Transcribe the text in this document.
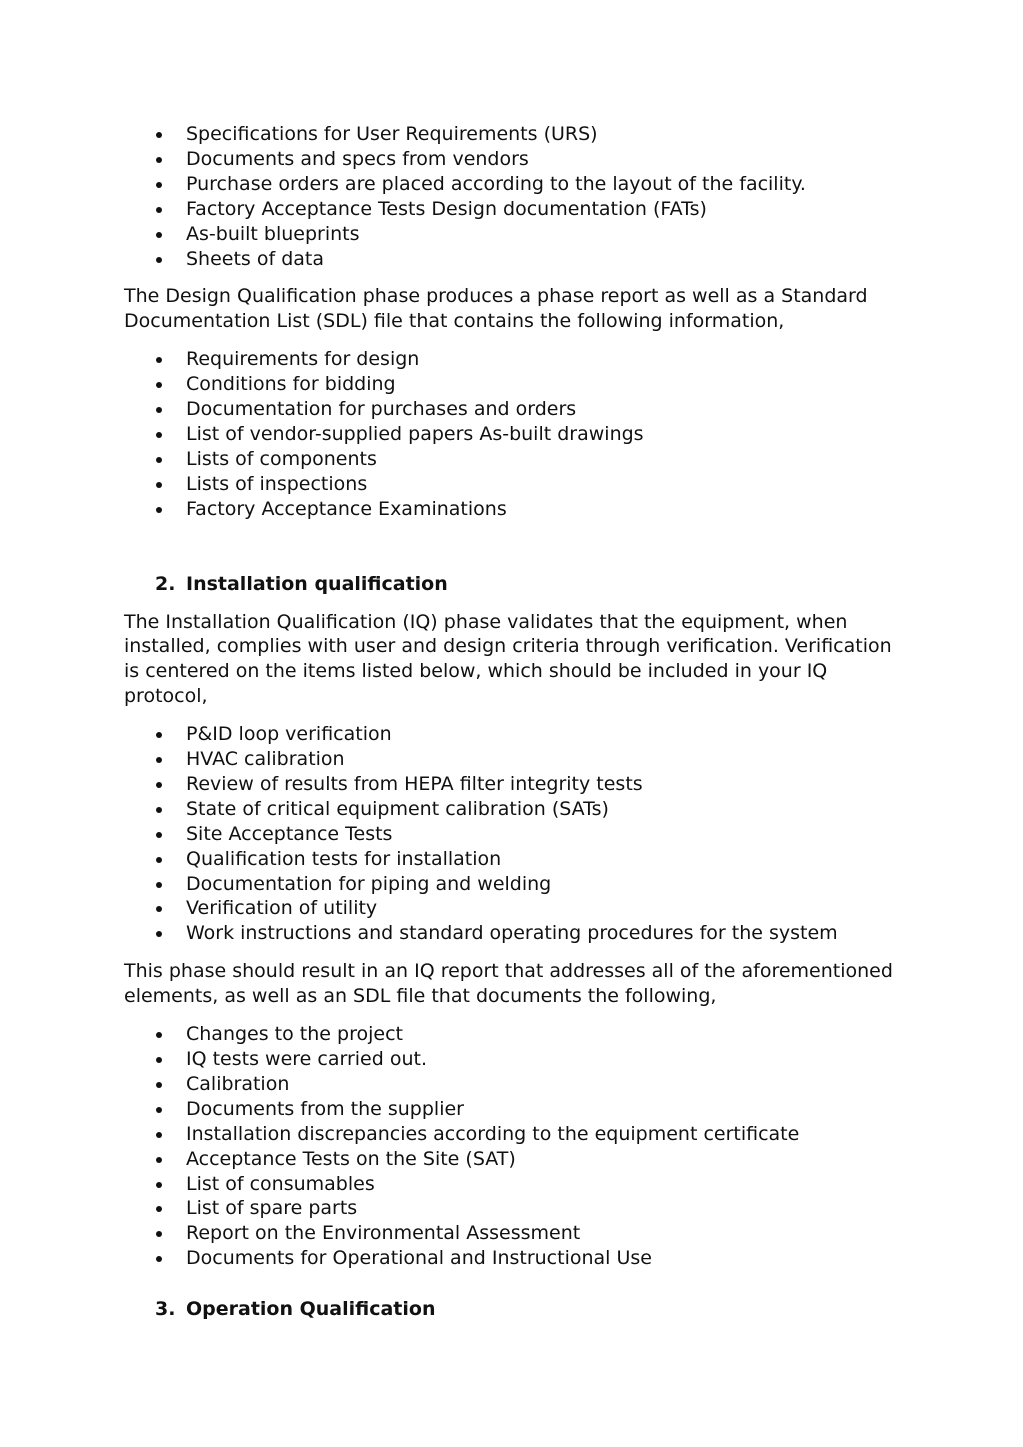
Specifications for User Requirements (URS)
Documents and specs from vendors
Purchase orders are placed according to the layout of the facility.
Factory Acceptance Tests Design documentation (FATs)
As-built blueprints
Sheets of data

The Design Qualification phase produces a phase report as well as a Standard Documentation List (SDL) file that contains the following information,

Requirements for design
Conditions for bidding
Documentation for purchases and orders
List of vendor-supplied papers As-built drawings
Lists of components
Lists of inspections
Factory Acceptance Examinations
2. Installation qualification

The Installation Qualification (IQ) phase validates that the equipment, when installed, complies with user and design criteria through verification. Verification is centered on the items listed below, which should be included in your IQ protocol,

P&ID loop verification
HVAC calibration
Review of results from HEPA filter integrity tests
State of critical equipment calibration (SATs)
Site Acceptance Tests
Qualification tests for installation
Documentation for piping and welding
Verification of utility
Work instructions and standard operating procedures for the system

This phase should result in an IQ report that addresses all of the aforementioned elements, as well as an SDL file that documents the following,

Changes to the project
IQ tests were carried out.
Calibration
Documents from the supplier
Installation discrepancies according to the equipment certificate
Acceptance Tests on the Site (SAT)
List of consumables
List of spare parts
Report on the Environmental Assessment
Documents for Operational and Instructional Use
3. Operation Qualification
